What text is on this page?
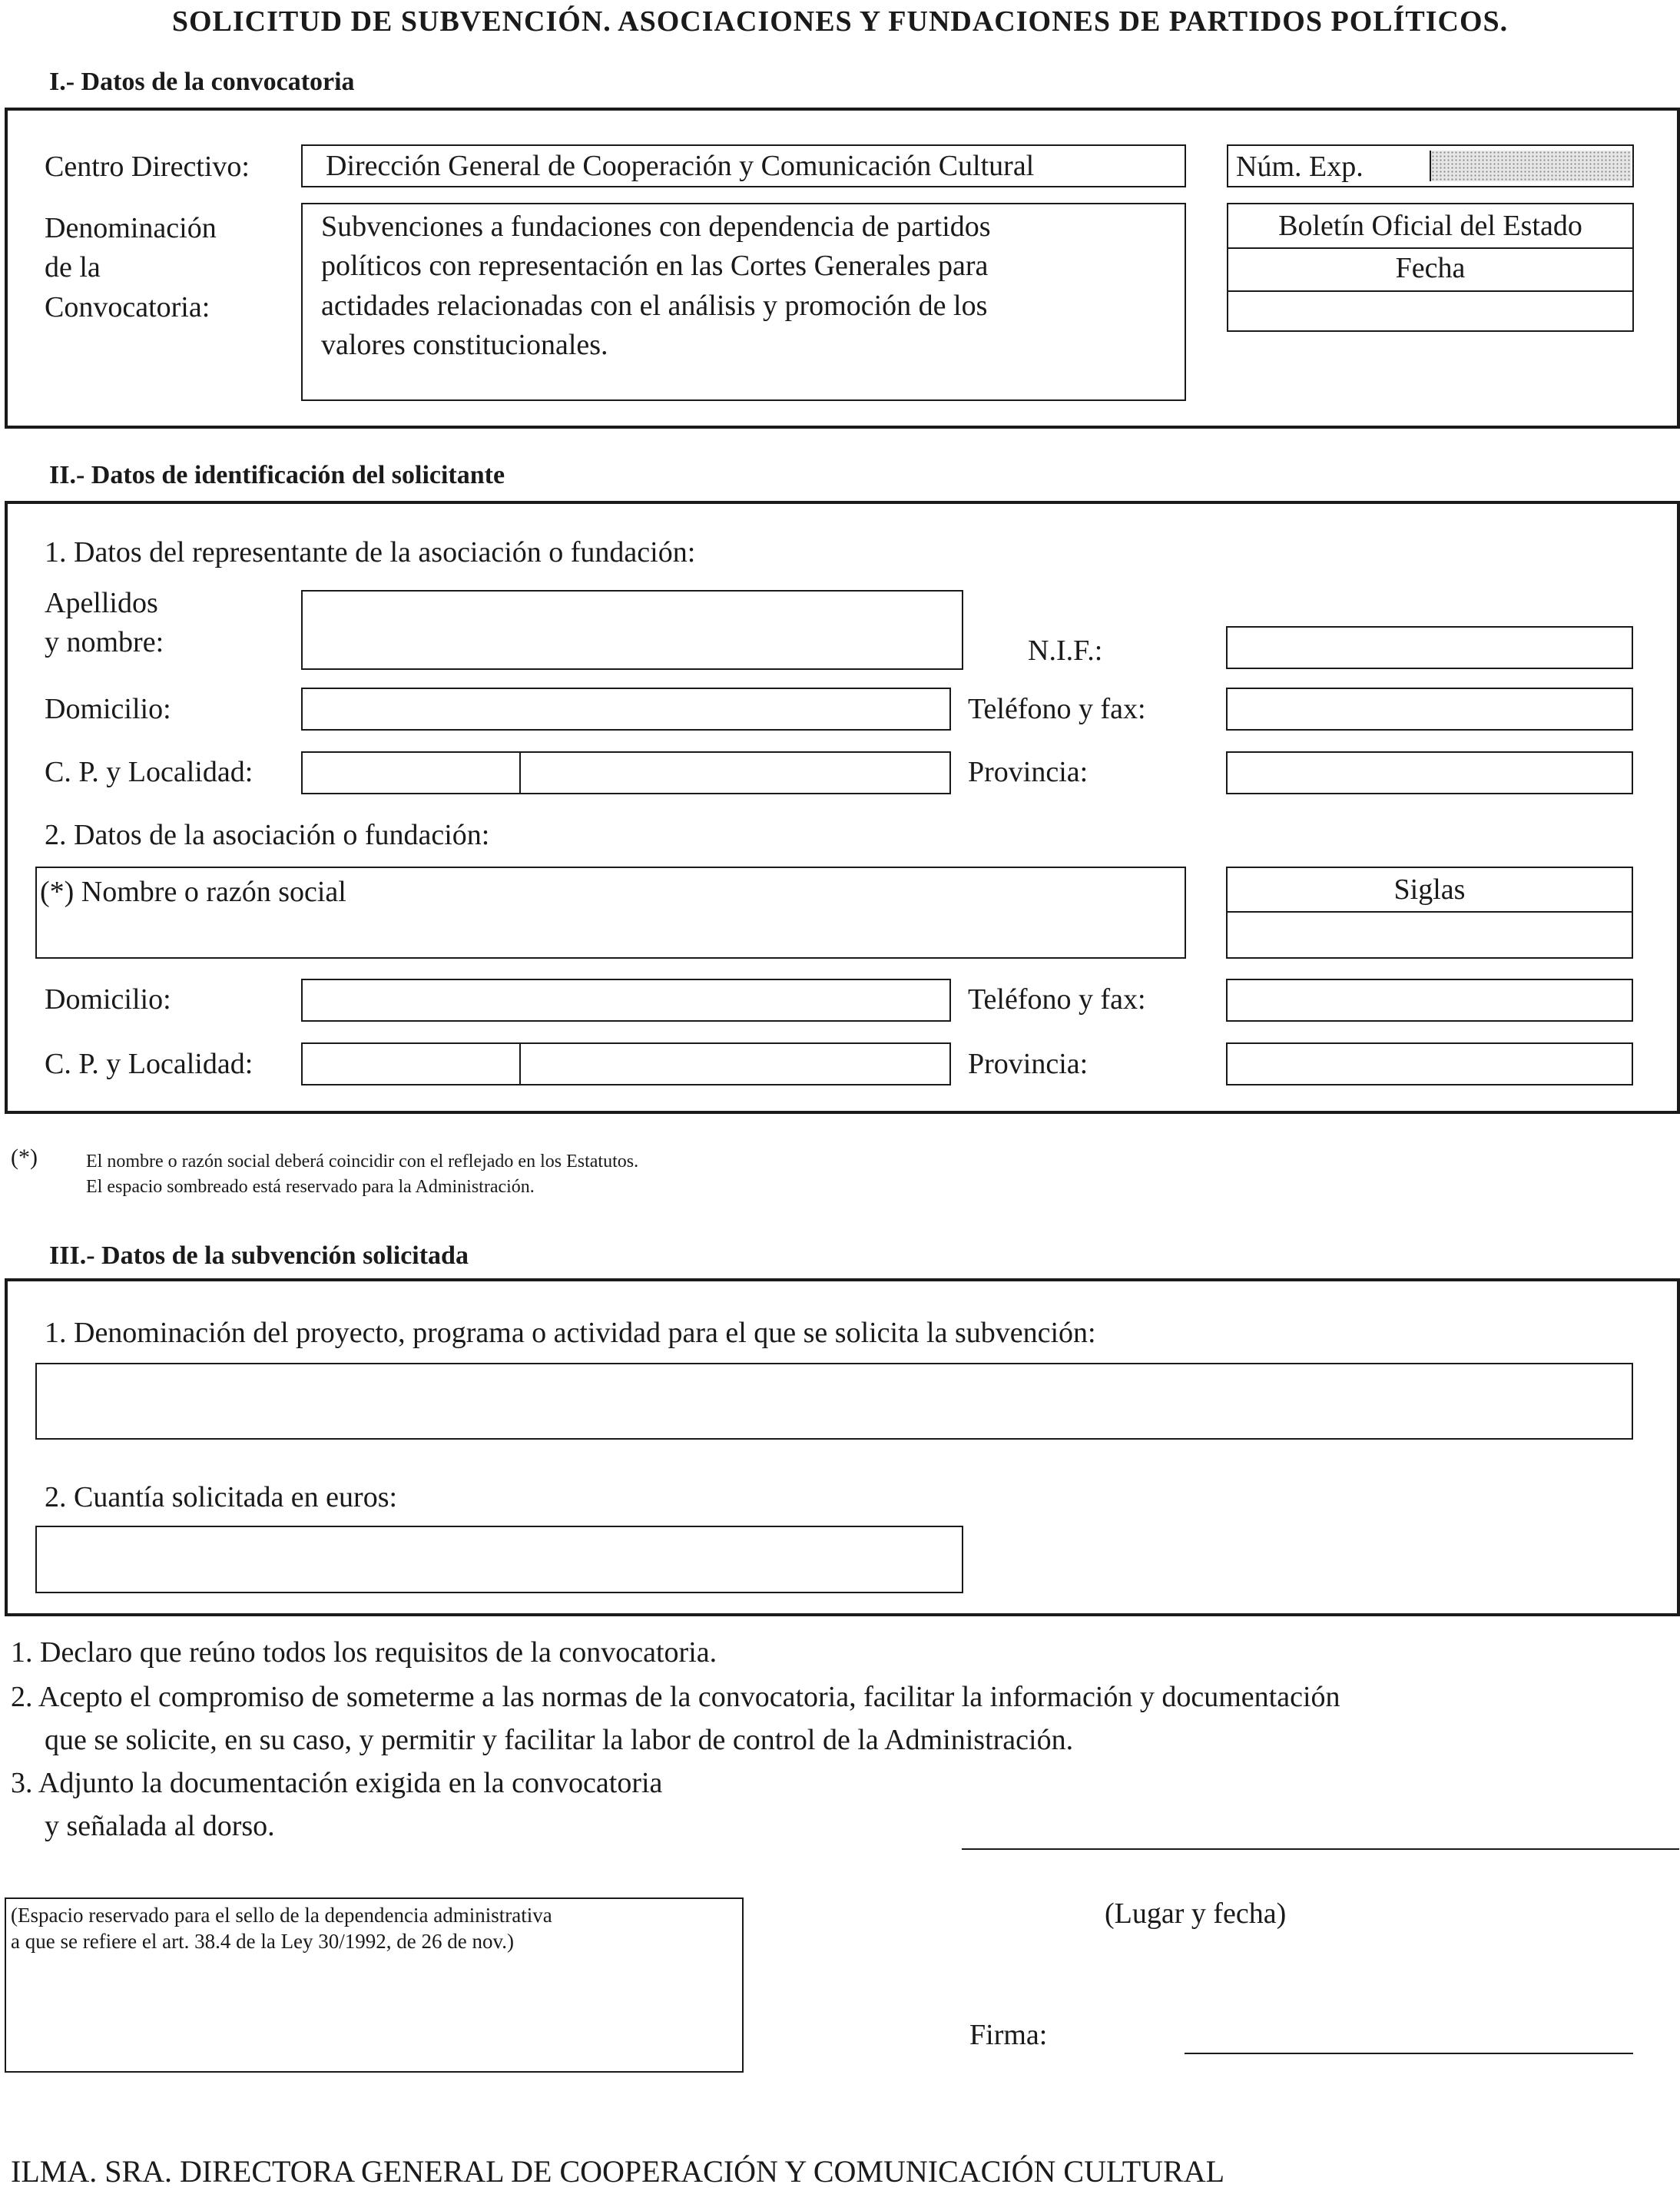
SOLICITUD DE SUBVENCIÓN. ASOCIACIONES Y FUNDACIONES DE PARTIDOS POLÍTICOS.
I.- Datos de la convocatoria
Centro Directivo:	Dirección General de Cooperación y Comunicación Cultural	Núm. Exp.
Denominación
de la
Convocatoria:
Subvenciones a fundaciones con dependencia de partidos
políticos con representación en las Cortes Generales para
actidades relacionadas con el análisis y promoción de los
valores constitucionales.
Boletín Oficial del Estado
Fecha
II.- Datos de identificación del solicitante
1. Datos del representante de la asociación o fundación:
Apellidos
y nombre:	N.I.F.:
Domicilio:	Teléfono y fax:
C. P. y Localidad:	Provincia:
2. Datos de la asociación o fundación:
(*) Nombre o razón social	Siglas
Domicilio:	Teléfono y fax:
C. P. y Localidad:	Provincia:
(*)	El nombre o razón social deberá coincidir con el reflejado en los Estatutos.
El espacio sombreado está reservado para la Administración.
III.- Datos de la subvención solicitada
1. Denominación del proyecto, programa o actividad para el que se solicita la subvención:
2. Cuantía solicitada en euros:
1. Declaro que reúno todos los requisitos de la convocatoria.
2. Acepto el compromiso de someterme a las normas de la convocatoria, facilitar la información y documentación
que se solicite, en su caso, y permitir y facilitar la labor de control de la Administración.
3. Adjunto la documentación exigida en la convocatoria
y señalada al dorso.
(Lugar y fecha)
(Espacio reservado para el sello de la dependencia administrativa
a que se refiere el art. 38.4 de la Ley 30/1992, de 26 de nov.)
Firma:
ILMA. SRA. DIRECTORA GENERAL DE COOPERACIÓN Y COMUNICACIÓN CULTURAL
